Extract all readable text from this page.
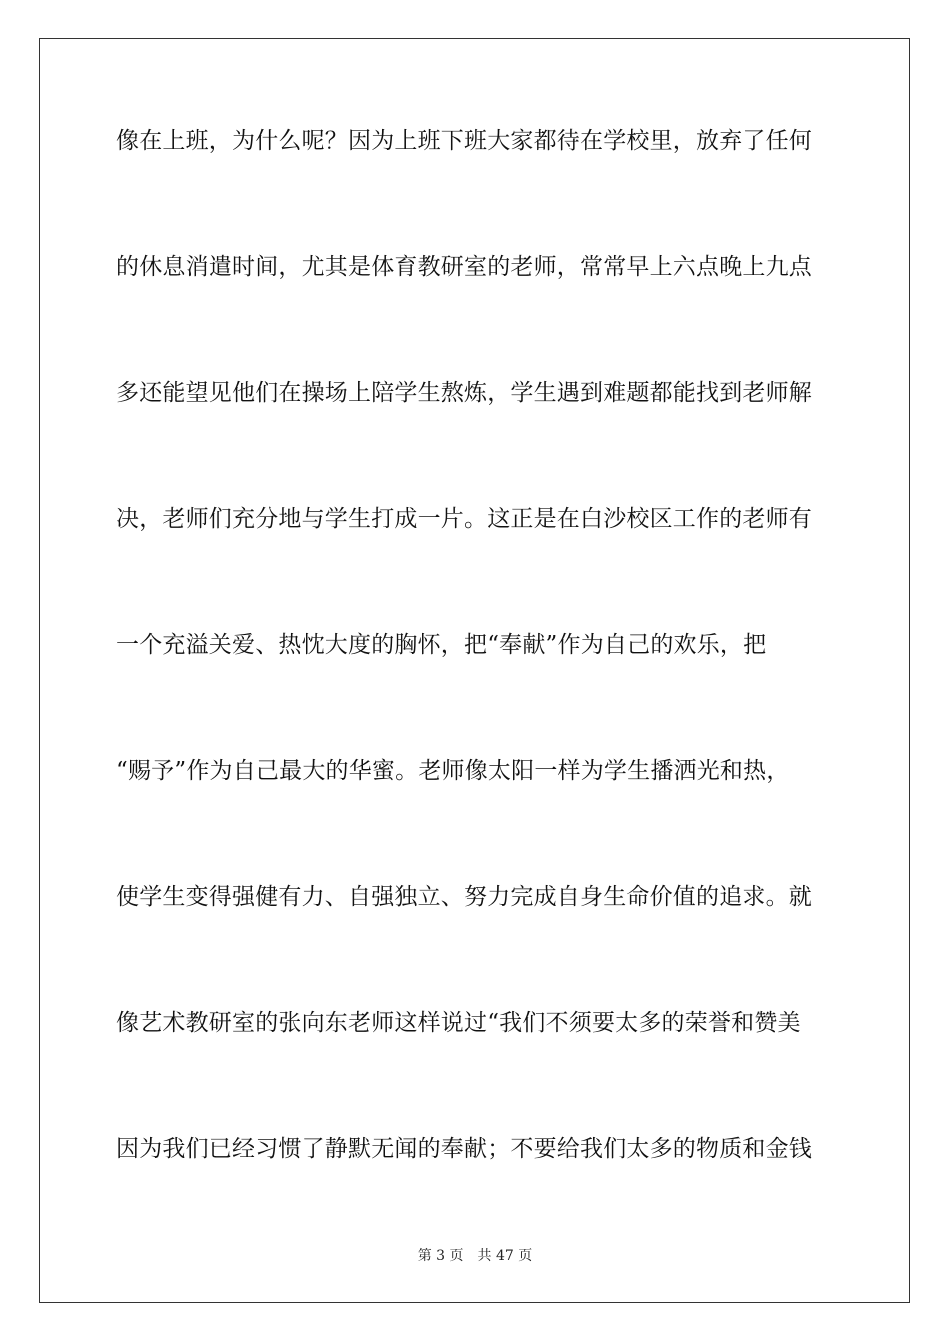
像在上班，为什么呢？因为上班下班大家都待在学校里，放弃了任何
的休息消遣时间，尤其是体育教研室的老师，常常早上六点晚上九点
多还能望见他们在操场上陪学生熬炼，学生遇到难题都能找到老师解
决，老师们充分地与学生打成一片。这正是在白沙校区工作的老师有
一个充溢关爱、热忱大度的胸怀，把“奉献”作为自己的欢乐，把
“赐予”作为自己最大的华蜜。老师像太阳一样为学生播洒光和热，
使学生变得强健有力、自强独立、努力完成自身生命价值的追求。就
像艺术教研室的张向东老师这样说过“我们不须要太多的荣誉和赞美
因为我们已经习惯了静默无闻的奉献；不要给我们太多的物质和金钱
第 3 页 共 47 页
